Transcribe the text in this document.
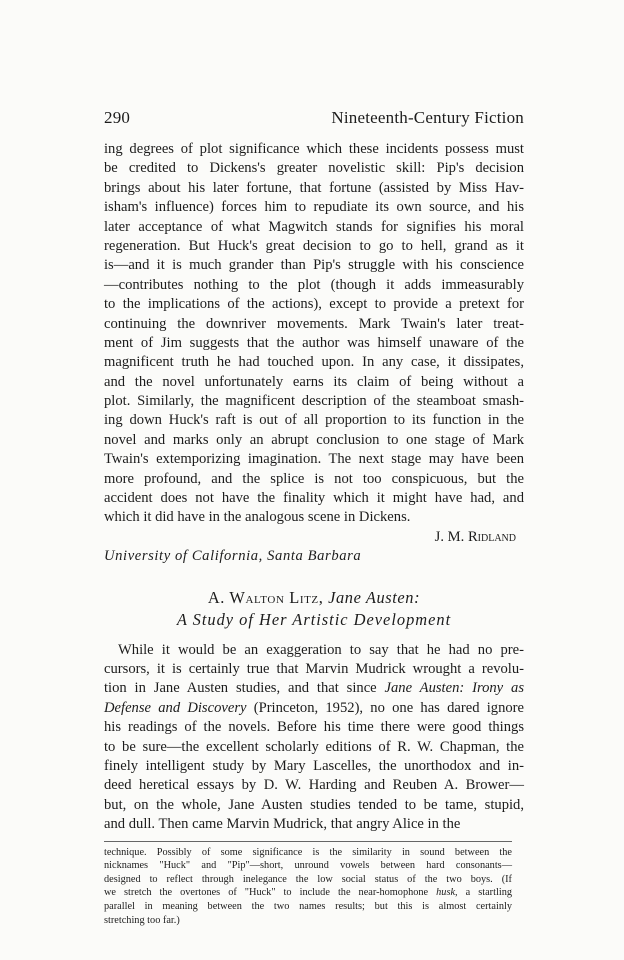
290	Nineteenth-Century Fiction
ing degrees of plot significance which these incidents possess must
be credited to Dickens's greater novelistic skill: Pip's decision
brings about his later fortune, that fortune (assisted by Miss Hav-
isham's influence) forces him to repudiate its own source, and his
later acceptance of what Magwitch stands for signifies his moral
regeneration. But Huck's great decision to go to hell, grand as it
is—and it is much grander than Pip's struggle with his conscience
—contributes nothing to the plot (though it adds immeasurably
to the implications of the actions), except to provide a pretext for
continuing the downriver movements. Mark Twain's later treat-
ment of Jim suggests that the author was himself unaware of the
magnificent truth he had touched upon. In any case, it dissipates,
and the novel unfortunately earns its claim of being without a
plot. Similarly, the magnificent description of the steamboat smash-
ing down Huck's raft is out of all proportion to its function in the
novel and marks only an abrupt conclusion to one stage of Mark
Twain's extemporizing imagination. The next stage may have been
more profound, and the splice is not too conspicuous, but the
accident does not have the finality which it might have had, and
which it did have in the analogous scene in Dickens.
J. M. Ridland
University of California, Santa Barbara
A. Walton Litz, Jane Austen:
A Study of Her Artistic Development
While it would be an exaggeration to say that he had no pre-
cursors, it is certainly true that Marvin Mudrick wrought a revolu-
tion in Jane Austen studies, and that since Jane Austen: Irony as
Defense and Discovery (Princeton, 1952), no one has dared ignore
his readings of the novels. Before his time there were good things
to be sure—the excellent scholarly editions of R. W. Chapman, the
finely intelligent study by Mary Lascelles, the unorthodox and in-
deed heretical essays by D. W. Harding and Reuben A. Brower—
but, on the whole, Jane Austen studies tended to be tame, stupid,
and dull. Then came Marvin Mudrick, that angry Alice in the
technique. Possibly of some significance is the similarity in sound between the
nicknames "Huck" and "Pip"—short, unround vowels between hard consonants—
designed to reflect through inelegance the low social status of the two boys. (If
we stretch the overtones of "Huck" to include the near-homophone husk, a startling
parallel in meaning between the two names results; but this is almost certainly
stretching too far.)
